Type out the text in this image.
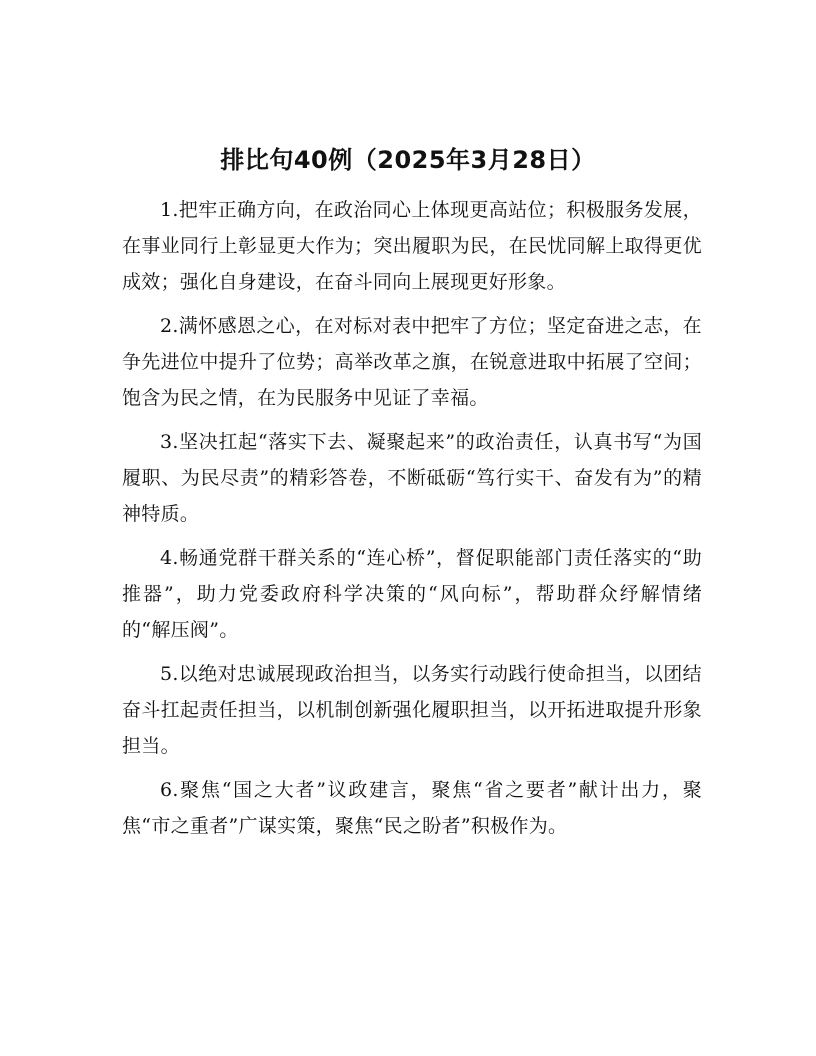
排比句40例（2025年3月28日）

1.把牢正确方向，在政治同心上体现更高站位；积极服务发展，在事业同行上彰显更大作为；突出履职为民，在民忧同解上取得更优成效；强化自身建设，在奋斗同向上展现更好形象。

2.满怀感恩之心，在对标对表中把牢了方位；坚定奋进之志，在争先进位中提升了位势；高举改革之旗，在锐意进取中拓展了空间；饱含为民之情，在为民服务中见证了幸福。

3.坚决扛起“落实下去、凝聚起来”的政治责任，认真书写“为国履职、为民尽责”的精彩答卷，不断砥砺“笃行实干、奋发有为”的精神特质。

4.畅通党群干群关系的“连心桥”，督促职能部门责任落实的“助推器”，助力党委政府科学决策的“风向标”，帮助群众纾解情绪的“解压阀”。

5.以绝对忠诚展现政治担当，以务实行动践行使命担当，以团结奋斗扛起责任担当，以机制创新强化履职担当，以开拓进取提升形象担当。

6.聚焦“国之大者”议政建言，聚焦“省之要者”献计出力，聚焦“市之重者”广谋实策，聚焦“民之盼者”积极作为。
